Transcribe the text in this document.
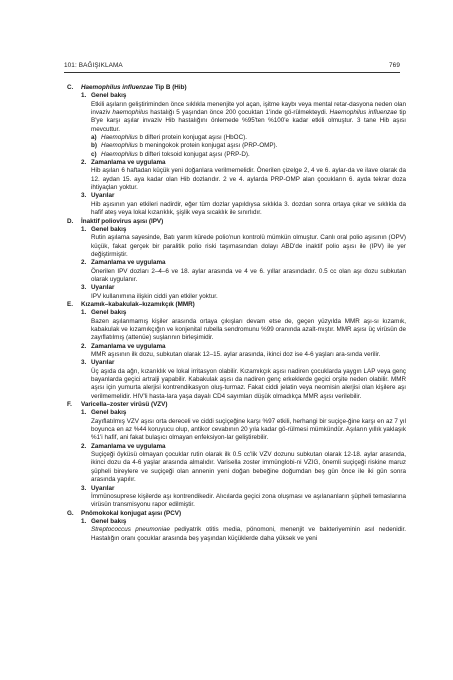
101: BAĞIŞIKLAMA	769
C. Haemophilus influenzae Tip B (Hib)
1. Genel bakış

Etkili aşıların geliştiriminden önce sıklıkla menenjite yol açan, işitme kaybı veya mental retar-dasyona neden olan invaziv haemophilus hastalığı 5 yaşından önce 200 çocuktan 1'inde gö-rülmekteydi. Haemophilus influenzae tip B'ye karşı aşılar invaziv Hib hastalığını önlemede %95'ten %100'e kadar etkili olmuştur. 3 tane Hib aşısı mevcuttur.

a) Haemophilus b difteri protein konjugat aşısı (HbOC).
b) Haemophilus b meningokok protein konjugat aşısı (PRP-OMP).
c) Haemophilus b difteri toksoid konjugat aşısı (PRP-D).
2. Zamanlama ve uygulama

Hib aşıları 6 haftadan küçük yeni doğanlara verilmemelidir. Önerilen çizelge 2, 4 ve 6. aylar-da ve ilave olarak da 12. aydan 15. aya kadar olan Hib dozlarıdır. 2 ve 4. aylarda PRP-OMP alan çocukların 6. ayda tekrar doza ihtiyaçları yoktur.

3. Uyarılar

Hib aşısının yan etkileri nadirdir, eğer tüm dozlar yapıldıysa sıklıkla 3. dozdan sonra ortaya çıkar ve sıklıkla da hafif ateş veya lokal kızarıklık, şişlik veya sıcaklık ile sınırlıdır.

D. İnaktif poliovirus aşısı (IPV)
1. Genel bakış

Rutin aşılama sayesinde, Batı yarım kürede polio'nun kontrolü mümkün olmuştur. Canlı oral polio aşısının (OPV) küçük, fakat gerçek bir paralitik polio riski taşımasından dolayı ABD'de inaktif polio aşısı ile (IPV) ile yer değiştirmiştir.

2. Zamanlama ve uygulama

Önerilen IPV dozları 2–4–6 ve 18. aylar arasında ve 4 ve 6. yıllar arasındadır. 0.5 cc olan aşı dozu subkutan olarak uygulanır.

3. Uyarılar

IPV kullanımına ilişkin ciddi yan etkiler yoktur.

E. Kızamık–kabakulak–kızamıkçık (MMR)
1. Genel bakış

Bazen aşılanmamış kişiler arasında ortaya çıkışları devam etse de, geçen yüzyılda MMR aşı-sı kızamık, kabakulak ve kızamıkçığın ve konjenital rubella sendromunu %99 oranında azalt-mıştır. MMR aşısı üç virüsün de zayıflatılmış (attenüe) suşlarının birleşimidir.

2. Zamanlama ve uygulama

MMR aşısının ilk dozu, subkutan olarak 12–15. aylar arasında, ikinci doz ise 4-6 yaşları ara-sında verilir.

3. Uyarılar

Üç aşıda da ağrı, kızarıklık ve lokal irritasyon olabilir. Kızamıkçık aşısı nadiren çocuklarda yaygın LAP veya genç bayanlarda geçici artralji yapabilir. Kabakulak aşısı da nadiren genç erkeklerde geçici orşite neden olabilir. MMR aşısı için yumurta alerjisi kontrendikasyon oluş-turmaz. Fakat ciddi jelatin veya neomisin alerjisi olan kişilere aşı verilmemelidir. HIV'li hasta-lara yaşa dayalı CD4 sayımları düşük olmadıkça MMR aşısı verilebilir.

F. Varicella–zoster virüsü (VZV)
1. Genel bakış

Zayıflatılmış VZV aşısı orta dereceli ve ciddi suçiçeğine karşı %97 etkili, herhangi bir suçiçe-ğine karşı en az 7 yıl boyunca en az %44 koruyucu olup, antikor cevabının 20 yıla kadar gö-rülmesi mümkündür. Aşıların yıllık yaklaşık %1'i hafif, ani fakat bulaşıcı olmayan enfeksiyon-lar geliştirebilir.

2. Zamanlama ve uygulama

Suçiçeği öyküsü olmayan çocuklar rutin olarak ilk 0.5 cc'lik VZV dozunu subkutan olarak 12-18. aylar arasında, ikinci dozu da 4-6 yaşlar arasında almalıdır. Varisella zoster immünglobi-ni VZIG, önemli suçiçeği riskine maruz şüpheli bireylere ve suçiçeği olan annenin yeni doğan bebeğine doğumdan beş gün önce ile iki gün sonra arasında yapılır.

3. Uyarılar

İmmünosuprese kişilerde aşı kontrendikedir. Alıcılarda geçici zona oluşması ve aşılananların şüpheli temaslarına virüsün transmisyonu rapor edilmiştir.

G. Pnömokokal konjugat aşısı (PCV)
1. Genel bakış

Streptococcus pneumoniae pediyatrik otitis media, pönomoni, menenjit ve bakteriyeminin asıl nedenidir. Hastalığın oranı çocuklar arasında beş yaşından küçüklerde daha yüksek ve yeni
